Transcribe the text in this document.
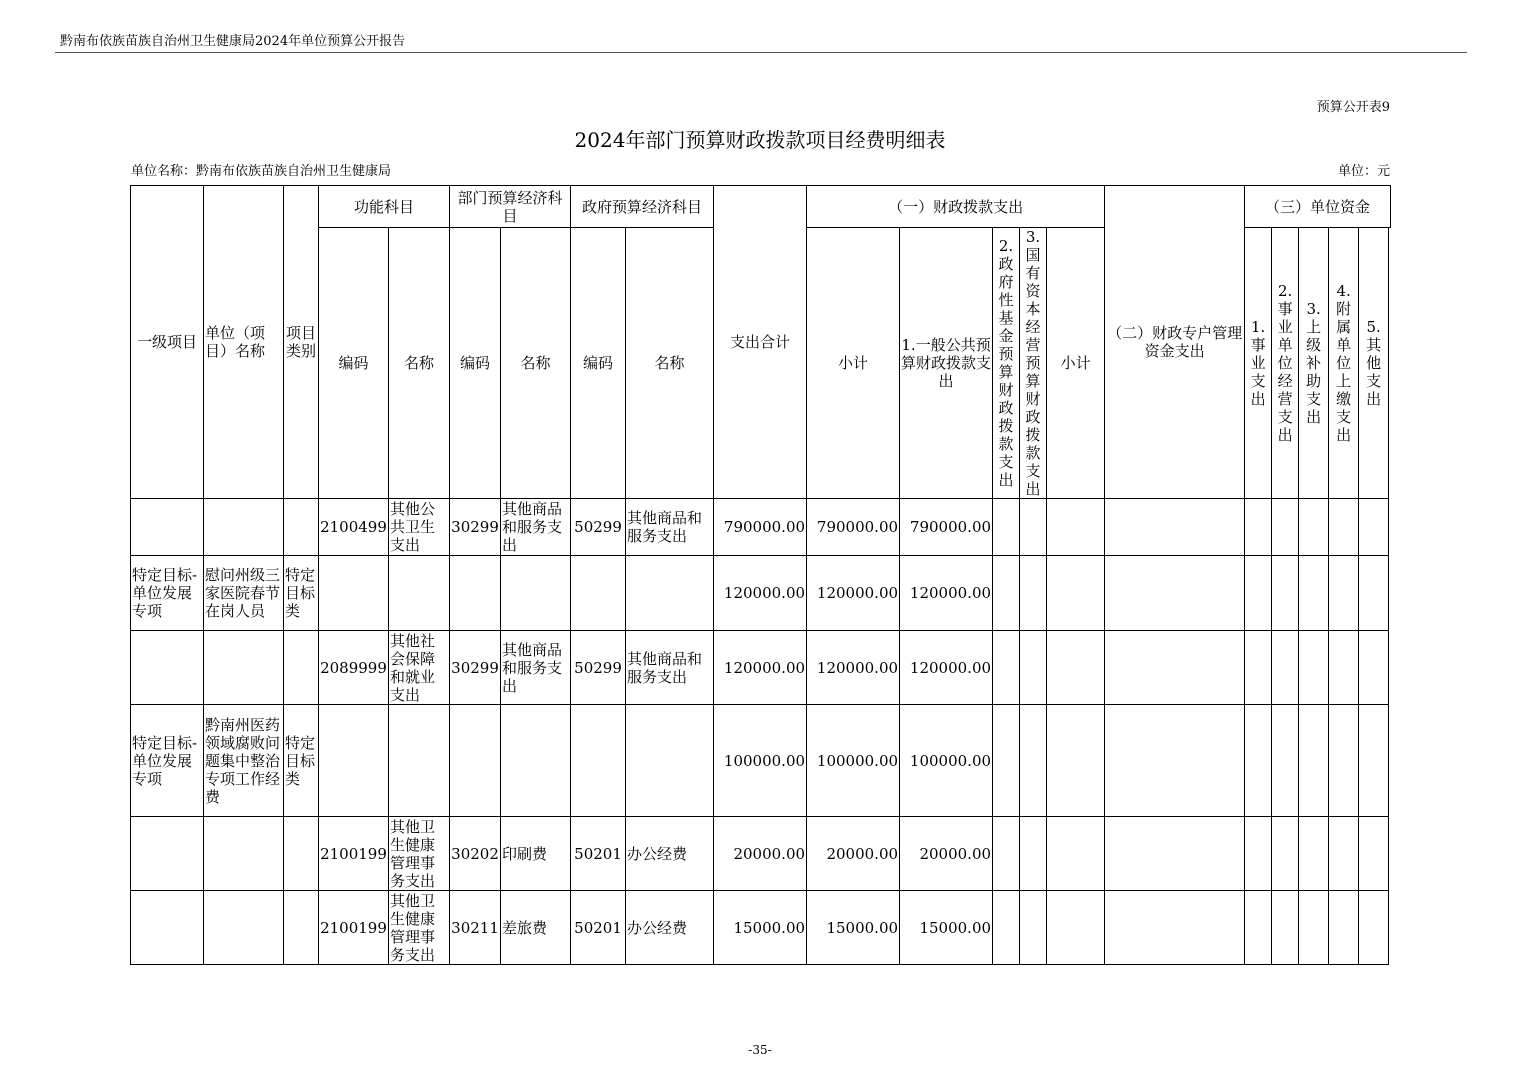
黔南布依族苗族自治州卫生健康局2024年单位预算公开报告
预算公开表9
2024年部门预算财政拨款项目经费明细表
单位名称：黔南布依族苗族自治州卫生健康局	单位：元
一级项目	单位（项目）名称	项目类别	功能科目		部门预算经济科目		政府预算经济科目		支出合计	（一）财政拨款支出					（二）财政专户管理资金支出	（三）单位资金				
			编码	名称	编码	名称	编码	名称		小计	1.一般公共预算财政拨款支出	2.政府性基金预算财政拨款支出	3.国有资本经营预算财政拨款支出	小计		1.事业支出	2.事业单位经营支出	3.上级补助支出	4.附属单位上缴支出	5.其他支出
			2100499	其他公共卫生支出	30299	其他商品和服务支出	50299	其他商品和服务支出	790000.00	790000.00	790000.00									
特定目标-单位发展专项	慰问州级三家医院春节在岗人员	特定目标类							120000.00	120000.00	120000.00									
			2089999	其他社会保障和就业支出	30299	其他商品和服务支出	50299	其他商品和服务支出	120000.00	120000.00	120000.00									
特定目标-单位发展专项	黔南州医药领域腐败问题集中整治专项工作经费	特定目标类							100000.00	100000.00	100000.00									
			2100199	其他卫生健康管理事务支出	30202	印刷费	50201	办公经费	20000.00	20000.00	20000.00									
			2100199	其他卫生健康管理事务支出	30211	差旅费	50201	办公经费	15000.00	15000.00	15000.00									
-35-
